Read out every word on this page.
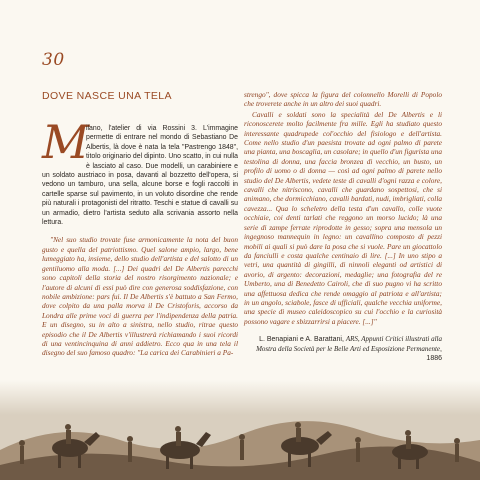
30
DOVE NASCE UNA TELA

M
ilano, l'atelier di via Rossini 3. L'immagine permette di entrare nel mondo di Sebastiano De Albertis, là dove è nata la tela "Pastrengo 1848", titolo originario del dipinto. Uno scatto, in cui nulla è lasciato al caso. Due modelli, un carabiniere e un soldato austriaco in posa, davanti al bozzetto dell'opera, si vedono un tamburo, una sella, alcune borse e fogli raccolti in cartelle sparse sul pavimento, in un voluto disordine che rende più naturali i protagonisti del ritratto. Teschi e statue di cavalli su un armadio, dietro l'artista seduto alla scrivania assorto nella lettura.

"Nel suo studio trovate fuse armonicamente la nota del buon gusto e quella del patriottismo. Quel salone ampio, largo, bene lumeggiato ha, insieme, dello studio dell'artista e del salotto di un gentiluomo alla moda. [...] Dei quadri del De Albertis parecchi sono capitoli della storia del nostro risorgimento nazionale; e l'autore di alcuni di essi può dire con generosa soddisfazione, con nobile ambizione: pars fui. Il De Albertis s'è battuto a San Fermo, dove colpito da una palla morva il De Cristoforis, accorso da Londra alle prime voci di guerra per l'indipendenza della patria. E un disegno, su in alto a sinistra, nello studio, ritrae questo episodio che il De Albertis v'illustrerà richiamando i suoi ricordi di una ventincinquina di anni addietro. Ecco qua in una tela il disegno del suo famoso quadro: "La carica dei Carabinieri a Pa-

strengo", dove spicca la figura del colonnello Morelli di Popolo che troverete anche in un altro dei suoi quadri.

Cavalli e soldati sono la specialità del De Albertis e li riconoscerete molto facilmente fra mille. Egli ha studiato questo interessante quadrupede col'occhio del fisiologo e dell'artista. Come nello studio d'un paesista trovate ad ogni palmo di parete una pianta, una boscaglia, un casolare; in quello d'un figurista una testolina di donna, una faccia bronzea di vecchio, un busto, un profilo di uomo o di donna — così ad ogni palmo di parete nello studio del De Albertis, vedete teste di cavalli d'ogni razza e colore, cavalli che nitriscono, cavalli che guardano sospettosi, che si animano, che dormicchiano, cavalli bardati, nudi, imbrigliati, colla cavezza... Qua lo scheletro della testa d'un cavallo, colle vuote occhiaie, coi denti tarlati che reggono un morso lucido; là una serie di zampe ferrate riprodotte in gesso; sopra una mensola un ingegnoso mannequin in legno: un cavallino composto di pezzi mobili ai quali si può dare la posa che si vuole. Pare un giocattolo da fanciulli e costa qualche centinaio di lire. [...] In uno stipo a vetri, una quantità di gingilli, di ninnoli eleganti od artistici di avorio, di argento: decorazioni, medaglie; una fotografia del re Umberto, una di Benedetto Cairoli, che di suo pugno vi ha scritto una affettuosa dedica che rende omaggio al patriota e all'artista; in un angolo, sciabole, fasce di ufficiali, qualche vecchia uniforme, una specie di museo caleidoscopico su cui l'occhio e la curiosità possono vagare e sbizzarrirsi a piacere. [...]"

L. Benapiani e A. Barattani, ARS, Appunti Critici illustrati alla Mostra della Società per le Belle Arti ed Esposizione Permanente, 1886
